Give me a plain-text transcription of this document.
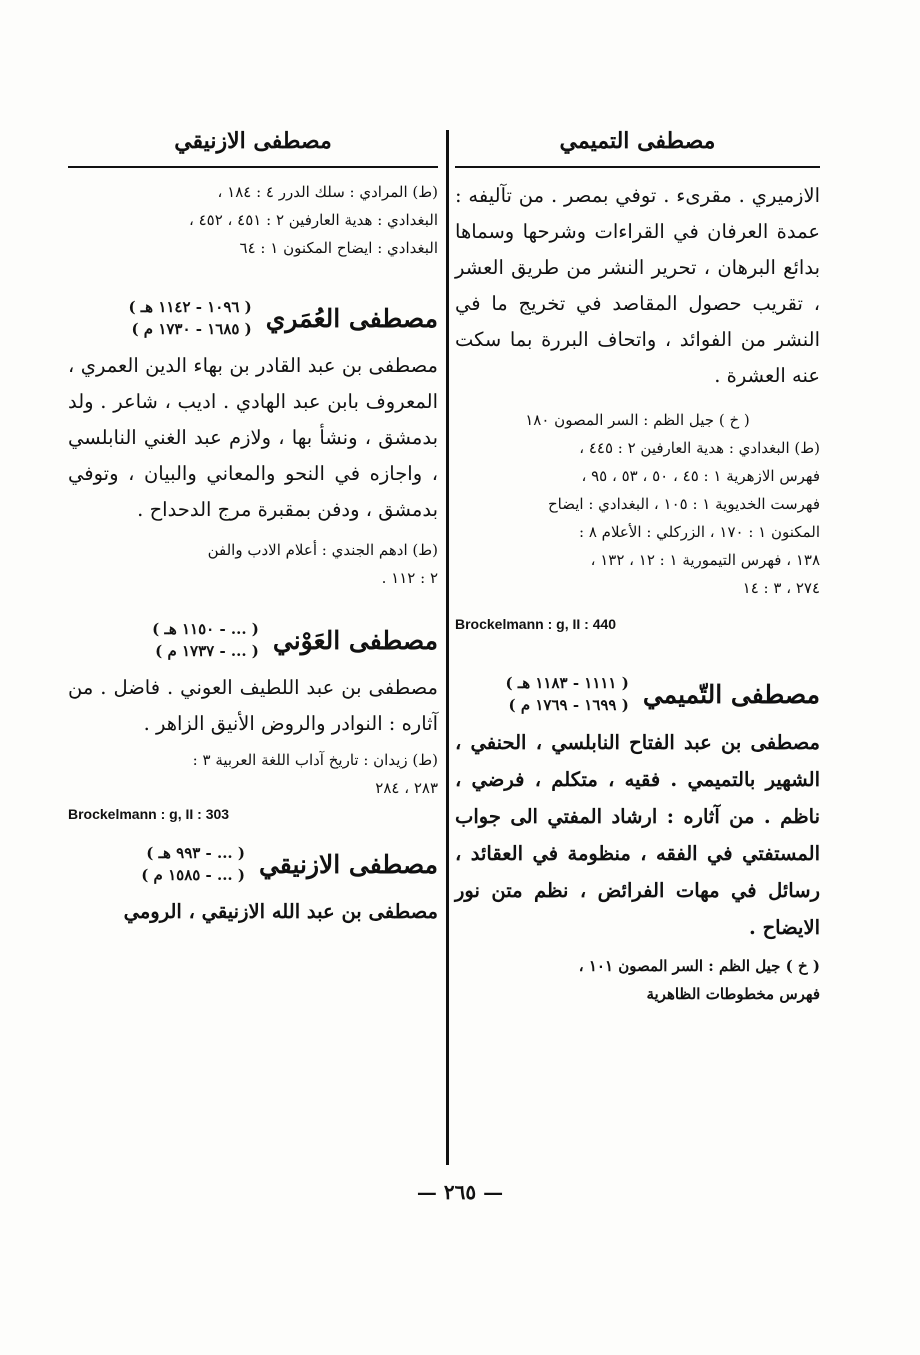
مصطفى التميمي

الازميري . مقرىء . توفي بمصر . من تآليفه : عمدة العرفان في القراءات وشرحها وسماها بدائع البرهان ، تحرير النشر من طريق العشر ، تقريب حصول المقاصد في تخريج ما في النشر من الفوائد ، واتحاف البررة بما سكت عنه العشرة .

( خ ) جيل الظم : السر المصون ١٨٠

(ط) البغدادي : هدية العارفين ٢ : ٤٤٥ ،

فهرس الازهرية ١ : ٤٥ ، ٥٠ ، ٥٣ ، ٩٥ ،

فهرست الخديوية ١ : ١٠٥ ، البغدادي : ايضاح

المكنون ١ : ١٧٠ ، الزركلي : الأعلام ٨ :

١٣٨ ، فهرس التيمورية ١ : ١٢ ، ١٣٢ ،

٢٧٤ ، ٣ : ١٤

Brockelmann : g, II : 440

مصطفى التّميمي
( ١١١١ - ١١٨٣ هـ )
( ١٦٩٩ - ١٧٦٩ م )

مصطفى بن عبد الفتاح النابلسي ، الحنفي ، الشهير بالتميمي . فقيه ، متكلم ، فرضي ، ناظم . من آثاره : ارشاد المفتي الى جواب المستفتي في الفقه ، منظومة في العقائد ، رسائل في مهات الفرائض ، نظم متن نور الايضاح .

( خ ) جيل الظم : السر المصون ١٠١ ،

فهرس مخطوطات الظاهرية

مصطفى الازنيقي

(ط) المرادي : سلك الدرر ٤ : ١٨٤ ،

البغدادي : هدية العارفين ٢ : ٤٥١ ، ٤٥٢ ،

البغدادي : ايضاح المكنون ١ : ٦٤

مصطفى العُمَري
( ١٠٩٦ - ١١٤٢ هـ )
( ١٦٨٥ - ١٧٣٠ م )

مصطفى بن عبد القادر بن بهاء الدين العمري ، المعروف بابن عبد الهادي . اديب ، شاعر . ولد بدمشق ، ونشأ بها ، ولازم عبد الغني النابلسي ، واجازه في النحو والمعاني والبيان ، وتوفي بدمشق ، ودفن بمقبرة مرج الدحداح .

(ط) ادهم الجندي : أعلام الادب والفن

٢ : ١١٢ .

مصطفى العَوْني
( ... - ١١٥٠ هـ )
( ... - ١٧٣٧ م )

مصطفى بن عبد اللطيف العوني . فاضل . من آثاره : النوادر والروض الأنيق الزاهر .

(ط) زيدان : تاريخ آداب اللغة العربية ٣ :

٢٨٣ ، ٢٨٤

Brockelmann : g, II : 303

مصطفى الازنيقي
( ... - ٩٩٣ هـ )
( ... - ١٥٨٥ م )

مصطفى بن عبد الله الازنيقي ، الرومي

— ٢٦٥ —
